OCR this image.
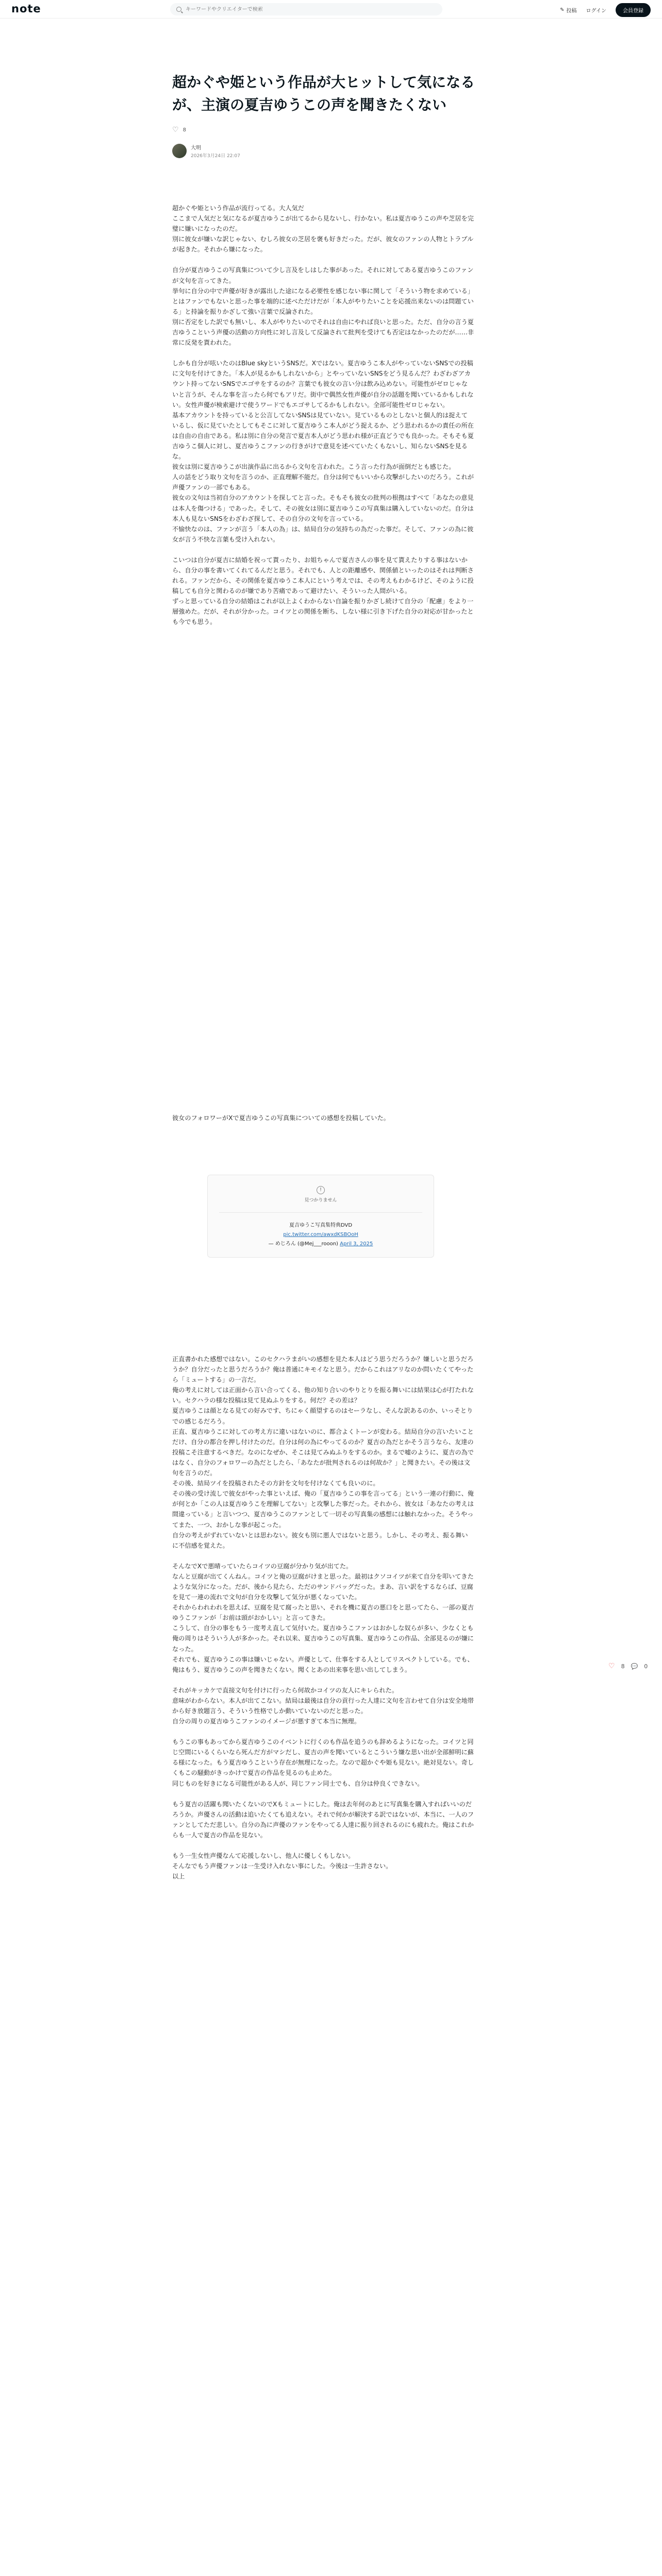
note
キーワードやクリエイターで検索	✎ 投稿 ログイン	会員登録
超かぐや姫という作品が大ヒットして気になるが、主演の夏吉ゆうこの声を聞きたくない
♡ 8
大明
2026年3月24日 22:07

超かぐや姫という作品が流行ってる。大人気だ
ここまで人気だと気になるが夏吉ゆうこが出てるから見ないし、行かない。私は夏吉ゆうこの声や芝居を完璧に嫌いになったのだ。
別に彼女が嫌いな訳じゃない、むしろ彼女の芝居を褒も好きだった。だが、彼女のファンの人物とトラブルが起きた。それから嫌になった。

自分が夏吉ゆうこの写真集について少し言及をしはした事があった。それに対してある夏吉ゆうこのファンが文句を言ってきた。
挙句に自分の中で声優が好きが露出した途になる必要性を感じない事に関して「そういう物を求めている」とはファンでもないと思った事を端的に述べただけだが「本人がやりたいことを応援出来ないのは問題ている」と持論を振りかざして強い言葉で反論された。
別に否定をした訳でも無いし、本人がやりたいのでそれは自由にやれば良いと思った。ただ、自分の言う夏吉ゆうこという声優の活動の方向性に対し言及して反論されて批判を受けても否定はなかったのだが……非常に反発を貰われた。

しかも自分が呟いたのはBlue skyというSNSだ。Xではない。夏吉ゆうこ本人がやっていないSNSでの投稿に文句を付けてきた。「本人が見るかもしれないから」とやっていないSNSをどう見るんだ？わざわざアカウント持ってないSNSでエゴサをするのか？言葉でも彼女の言い分は飲み込めない。可能性がゼロじゃないと言うが、そんな事を言ったら何でもアリだ。街中で偶然女性声優が自分の話題を聞いているかもしれない。女性声優が検索避けで使うワードでもエゴサしてるかもしれない。全部可能性ゼロじゃない。
基本アカウントを持っていると公言してないSNSは見ていない。見ているものとしないと個人的は捉えているし、仮に見ていたとしてもそこに対して夏吉ゆうこ本人がどう捉えるか、どう思われるかの責任の所在は自由の自由である。私は別に自分の発言で夏吉本人がどう思われ様が正直どうでも良かった。そもそも夏吉ゆうこ個人に対し、夏吉ゆうこファンの行きがけで意見を述べていたくもないし、知らないSNSを見るな。
彼女は別に夏吉ゆうこが出演作品に出るから文句を言われた。こう言った行為が面倒だとも感じた。
人の話をどう取り文句を言うのか、正直理解不能だ。自分は何でもいいから攻撃がしたいのだろう。これが声優ファンの一部でもある。
彼女の文句は当初自分のアカウントを探してと言った。そもそも彼女の批判の根拠はすべて「あなたの意見は本人を傷つける」であった。そして、その彼女は別に夏吉ゆうこの写真集は購入していないのだ。自分は本人も見ないSNSをわざわざ探して、その自分の文句を言っている。
不愉快なのは、ファンが言う「本人の為」は、結局自分の気持ちの為だった事だ。そして、ファンの為に彼女が言う不快な言葉も受け入れない。

こいつは自分が夏吉に結婚を祝って貰ったり、お姐ちゃんで夏吉さんの事を見て貰えたりする事はないから、自分の事を書いてくれてるんだと思う。それでも、人との距離感や、関係値といったのはそれは判断される。ファンだから、その関係を夏吉ゆうこ本人にという考えでは、その考えもわかるけど、そのように投稿しても自分と関わるのが嫌であり苦痛であって避けたい、そういった人間がいる。
ずっと思っている自分の結婚はこれが以上よくわからない自論を振りかざし続けて自分の「配慮」をより一層強めた。だが、それが分かった。コイツとの関係を断ち、しない様に引き下げた自分の対応が甘かったとも今でも思う。

彼女のフォロワーがXで夏吉ゆうこの写真集についての感想を投稿していた。

!
見つかりません
夏吉ゆうこ写真集特典DVD
pic.twitter.com/awxdKSBOoH
— めじろん (@Mej___rooon) April 3, 2025

正直書かれた感想ではない。このセクハラまがいの感想を見た本人はどう思うだろうか？嫌しいと思うだろうか？自分だったと思うだろうか？俺は普通にキモイなと思う。だからこれはアリなのか問いたくてやったら「ミュートする」の一言だ。
俺の考えに対しては正面から言い合ってくる、他の知り合いのやりとりを振る舞いには結果は心が打たれない。セクハラの様な投稿は見て見ぬふりをする。何だ？その差は？
夏吉ゆうこは顔となる見ての好みです、ちにゃく顔望するのはセーラなし、そんな訳あるのか、いっそとりでの感じるだろう。
正直、夏吉ゆうこに対しての考え方に違いはないのに、都合よくトーンが変わる。結局自分の言いたいことだけ、自分の都合を押し付けたのだ。自分は何の為にやってるのか？夏吉の為だとかそう言うなら、友達の投稿こそ注意するべきだ。なのになぜか、そこは見てみぬふりをするのか。まるで嘘のように、夏吉の為ではなく、自分のフォロワーの為だとしたら、「あなたが批判されるのは何故か？」と聞きたい。その後は文句を言うのだ。
その後、結局ツイを投稿されたその方針を文句を付けなくても良いのに。
その後の受け流しで彼女がやった事といえば、俺の「夏吉ゆうこの事を言ってる」という一連の行動に、俺が何とか「この人は夏吉ゆうこを理解してない」と攻撃した事だった。それから、彼女は「あなたの考えは間違っている」と言いつつ、夏吉ゆうこのファンとして一切その写真集の感想には触れなかった。そうやってまた、一つ、おかしな事が起こった。
自分の考えがずれていないとは思わない。彼女も別に悪人ではないと思う。しかし、その考え、振る舞いに不信感を覚えた。

そんなでXで悪晴っていたらコイツの豆腐が分かり気が出てた。
なんと豆腐が出てくんねん。コイツと俺の豆腐がけまと思った。最初はクソコイツが来て自分を叩いてきたような気分になった。だが、後から見たら、ただのサンドバッグだった。まあ、言い訳をするならば、豆腐を見て一連の流れで文句が自分を攻撃して気分が悪くなっていた。
それからわれわれを思えば、豆腐を見て腐ったと思い、それを機に夏吉の悪口をと思ってたら、一部の夏吉ゆうこファンが「お前は頭がおかしい」と言ってきた。
こうして、自分の事をもう一度考え直して気付いた。夏吉ゆうこファンはおかしな奴らが多い、少なくとも俺の周りはそういう人が多かった。それ以来、夏吉ゆうこの写真集、夏吉ゆうこの作品、全部見るのが嫌になった。
それでも、夏吉ゆうこの事は嫌いじゃない。声優として、仕事をする人としてリスペクトしている。でも、俺はもう、夏吉ゆうこの声を聞きたくない。聞くとあの出来事を思い出してしまう。

それがキッカケで直接文句を付けに行ったら何故かコイツの友人にキレられた。
意味がわからない。本人が出てこない。結局は最後は自分の貢行った人達に文句を言わせて自分は安全地帯から好き放題言う、そういう性格でしか動いていないのだと思った。
自分の周りの夏吉ゆうこファンのイメージが悪すぎて本当に無理。

もうこの事もあってから夏吉ゆうこのイベントに行くのも作品を追うのも辞めるようになった。コイツと同じ空間にいるくらいなら死んだ方がマシだし、夏吉の声を聞いているとこういう嫌な思い出が全部鮮明に蘇る様になった。もう夏吉ゆうこという存在が無理になった。なので超かぐや姫も見ない。絶対見ない。奇しくもこの騒動がきっかけで夏吉の作品を見るのも止めた。
同じものを好きになる可能性がある人が、同じファン同士でも、自分は仲良くできない。

もう夏吉の活躍も聞いたくないのでXもミュートにした。俺は去年何のあとに写真集を購入すればいいのだろうか。声優さんの活動は追いたくても追えない。それで何かが解決する訳ではないが、本当に、一人のファンとしてただ悲しい。自分の為に声優のファンをやってる人達に振り回されるのにも疲れた。俺はこれからも一人で夏吉の作品を見ない。

もう一生女性声優なんて応援しないし、他人に優しくもしない。
そんなでもう声優ファンは一生受け入れない事にした。今後は一生許さない。
以上

♡ 8 💬 0
